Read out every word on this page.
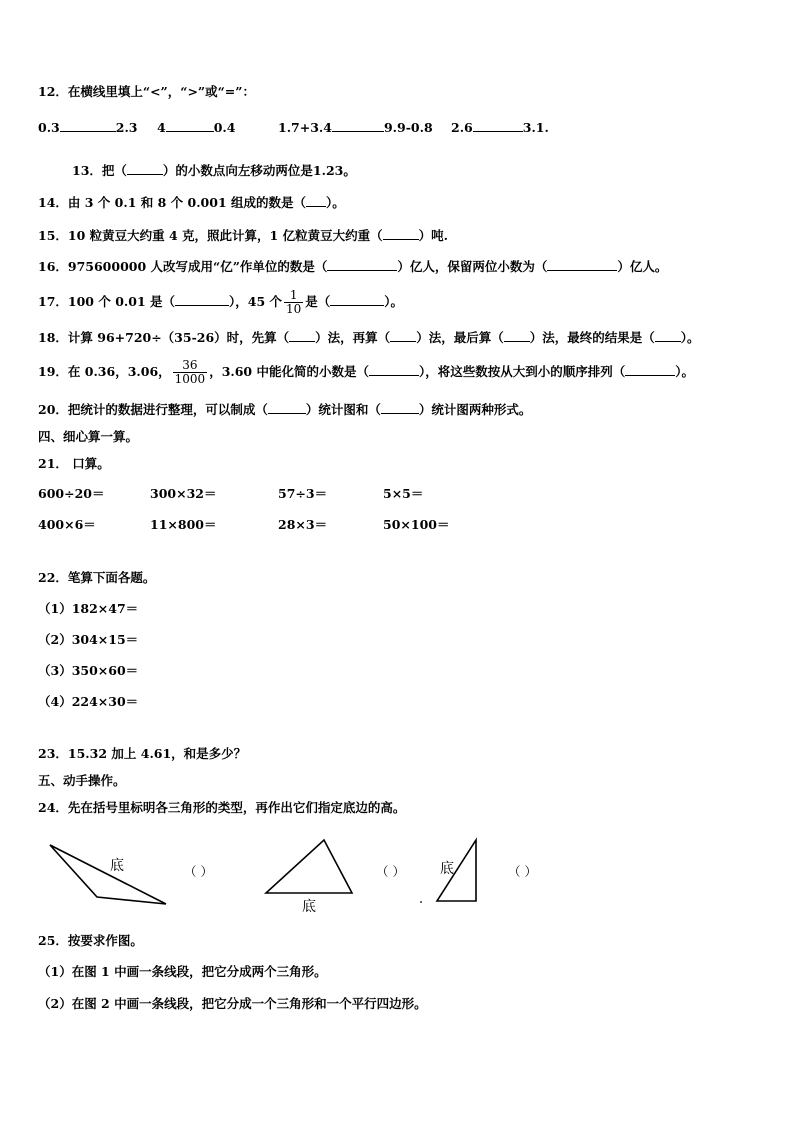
12．在横线里填上“<”，“>”或“=”：
0.3	2.3 4	0.4	1.7+3.4	9.9-0.8 2.6	3.1.
13．把（	）的小数点向左移动两位是1.23。
14．由 3 个 0.1 和 8 个 0.001 组成的数是（ ）。
15．10 粒黄豆大约重 4 克，照此计算，1 亿粒黄豆大约重（	）吨.
16．975600000 人改写成用“亿”作单位的数是（	）亿人，保留两位小数为（	）亿人。
17．100 个 0.01 是（	），45 个 $\frac{1}{10}$ 是（	）。
18．计算 96+720÷（35-26）时，先算（ ）法，再算（ ）法，最后算（ ）法，最终的结果是（ ）。
19．在 0.36，3.06， $\frac{36}{1000}$ ，3.60 中能化简的小数是（	），将这些数按从大到小的顺序排列（	）。
20．把统计的数据进行整理，可以制成（	）统计图和（	）统计图两种形式。
四、细心算一算。
21． 口算。
600÷20＝	300×32＝	57÷3＝	5×5＝
400×6＝	11×800＝	28×3＝	50×100＝
22．笔算下面各题。
（1）182×47＝
（2）304×15＝
（3）350×60＝
（4）224×30＝
23．15.32 加上 4.61，和是多少？
五、动手操作。
24．先在括号里标明各三角形的类型，再作出它们指定底边的高。
底
底
底
（ ）	（ ）	（ ）
25．按要求作图。
（1）在图 1 中画一条线段，把它分成两个三角形。
（2）在图 2 中画一条线段，把它分成一个三角形和一个平行四边形。
